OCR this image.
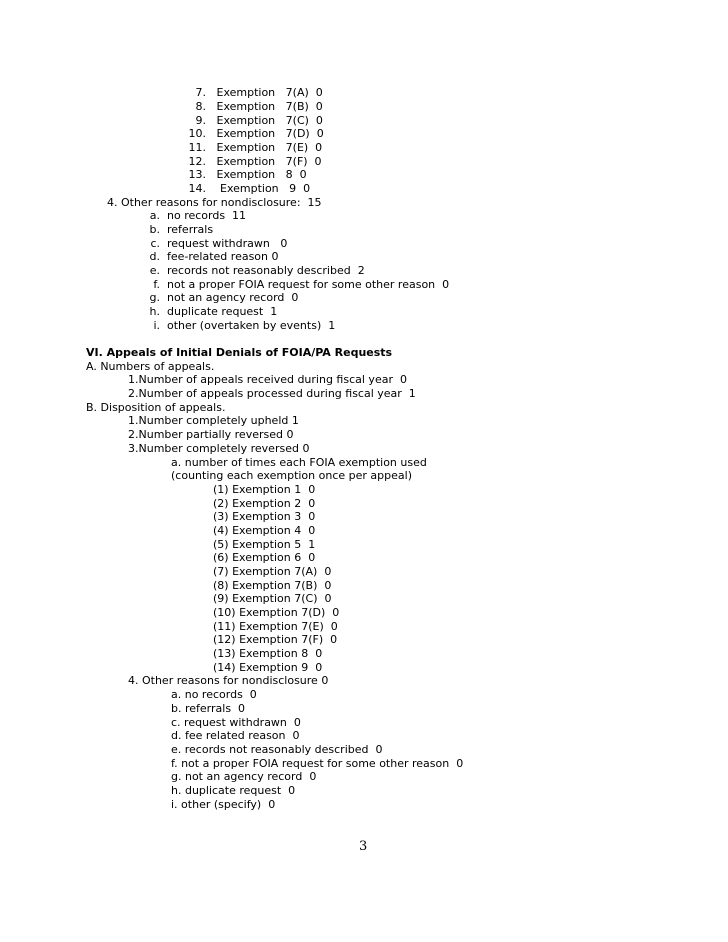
7. Exemption   7(A)  0
8. Exemption   7(B)  0
9. Exemption   7(C)  0
10. Exemption   7(D)  0
11. Exemption   7(E)  0
12. Exemption   7(F)  0
13. Exemption   8  0
14. Exemption   9  0
4. Other reasons for nondisclosure:  15
a. no records  11
b. referrals
c. request withdrawn   0
d. fee-related reason 0
e. records not reasonably described  2
f. not a proper FOIA request for some other reason  0
g. not an agency record  0
h. duplicate request  1
i. other (overtaken by events)  1
VI. Appeals of Initial Denials of FOIA/PA Requests
A. Numbers of appeals.
1.Number of appeals received during fiscal year  0
2.Number of appeals processed during fiscal year  1
B. Disposition of appeals.
1.Number completely upheld 1
2.Number partially reversed 0
3.Number completely reversed 0
a. number of times each FOIA exemption used
(counting each exemption once per appeal)
(1) Exemption 1  0
(2) Exemption 2  0
(3) Exemption 3  0
(4) Exemption 4  0
(5) Exemption 5  1
(6) Exemption 6  0
(7) Exemption 7(A)  0
(8) Exemption 7(B)  0
(9) Exemption 7(C)  0
(10) Exemption 7(D)  0
(11) Exemption 7(E)  0
(12) Exemption 7(F)  0
(13) Exemption 8  0
(14) Exemption 9  0
4. Other reasons for nondisclosure 0
a. no records  0
b. referrals  0
c. request withdrawn  0
d. fee related reason  0
e. records not reasonably described  0
f. not a proper FOIA request for some other reason  0
g. not an agency record  0
h. duplicate request  0
i. other (specify)  0
3
